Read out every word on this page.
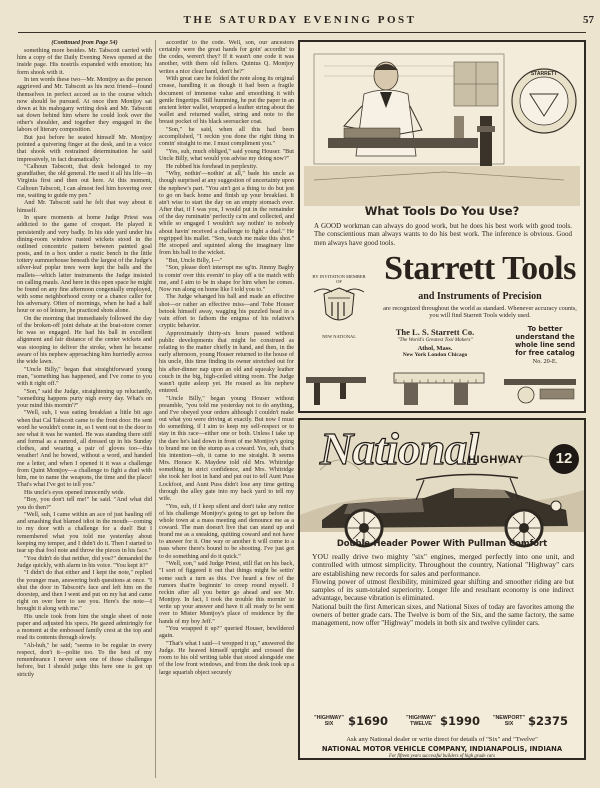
THE SATURDAY EVENING POST	57

(Continued from Page 54)

something more besides. Mr. Tabscott carried with him a copy of the Daily Evening News opened at the inside page. His nostrils expanded with emotion; his form shook with it.

In ten words these two—Mr. Montjoy as the person aggrieved and Mr. Tabscott as his next friend—found themselves in perfect accord as to the course which now should be pursued. At once then Montjoy sat down at his mahogany writing desk and Mr. Tabscott sat down behind him where he could look over the other's shoulder, and together they engaged in the labors of literary composition.

But just before he seated himself Mr. Montjoy pointed a quivering finger at the desk, and in a voice that shook with restrained determination he said impressively, in fact dramatically:

"Calhoun Tabscott, that desk belonged to my grandfather, the old general. He used it all his life—in Virginia first and then out here. At this moment, Calhoun Tabscott, I can almost feel him hovering over me, waiting to guide my pen."

And Mr. Tabscott said he felt that way about it himself.

In spare moments at home Judge Priest was addicted to the game of croquet. He played it persistently and very badly. In his side yard under his dining-room window rusted wickets stood in the outlined concentric pattern between painted goal posts, and in a box under a rustic bench in the little tottery summerhouse beneath the largest of the Judge's silver-leaf poplar trees were kept the balls and the mallets—which latter instruments the Judge insisted on calling mauls. And here in this open space he might be found on any fine afternoon congenially employed, with some neighborhood crony or a chance caller for his adversary. Often of mornings, when he had a half hour or so of leisure, he practiced shots alone.

On the morning that immediately followed the day of the broken-off joint debate at the boat-store corner he was so engaged. He had his ball in excellent alignment and fair distance of the center wickets and was stooping to deliver the stroke, when he became aware of his nephew approaching him hurriedly across the wide lawn.

"Uncle Billy," began that straightforward young man, "something has happened, and I've come to you with it right off."

"Son," said the Judge, straightening up reluctantly, "something happens purty nigh every day. What's on your mind this mornin'?"

"Well, suh, I was eating breakfast a little bit ago when that Cal Tabscott came to the front door. He sent word he wouldn't come in, so I went out to the door to see what it was he wanted. He was standing there stiff and formal as a ramrod, all dressed up in his Sunday clothes, and wearing a pair of gloves too—this weather! And he bowed, without a word, and handed me a letter, and when I opened it it was a challenge from Quint Montjoy—a challenge to fight a duel with him, me to name the weapons, the time and the place! That's what I've got to tell you."

His uncle's eyes opened innocently wide.

"Boy, you don't tell me!" he said. "And what did you do then?"

"Well, suh, I came within an ace of just hauling off and smashing that blamed idiot in the mouth—coming to my door with a challenge for a duel! But I remembered what you told me yesterday about keeping my temper, and I didn't do it. Then I started to tear up that fool note and throw the pieces in his face."

"You didn't do that neither, did you?" demanded the Judge quickly, with alarm in his voice. "You kept it?"

"I didn't do that either and I kept the note," replied the younger man, answering both questions at once. "I shut the door in Tabscott's face and left him on the doorstep, and then I went and put on my hat and came right on over here to see you. Here's the note—I brought it along with me."

His uncle took from him the single sheet of note paper and adjusted his specs. He gazed admiringly for a moment at the embossed family crest at the top and read its contents through slowly.

"Ah-huh," he said; "seems to be regular in every respect, don't it—polite too. To the best of my remembrance I never seen one of those challenges before, but I should judge this here one is got up strictly

accordin' to the code. Well, son, our ancestors certainly were the great hands for goin' accordin' to the codes, weren't they? If it wasn't one code it was another, with them old fellers. Quintus Q. Montjoy writes a nice clear hand, don't he?"

With great care he folded the note along its original crease, handling it as though it had been a fragile document of immense value and smoothing it with gentle fingertips. Still humming, he put the paper in an ancient letter wallet, wrapped a leather string about the wallet and returned wallet, string and note to the breast pocket of his black seersucker coat.

"Son," he said, when all this had been accomplished, "I reckin you done the right thing in comin' straight to me. I must compliment you."

"Yes, suh, much obliged," said young Houser. "But Uncle Billy, what would you advise my doing now?"

He rubbed his forehead in perplexity.

"Why, nothin'—nothin' at all," bade his uncle as though surprised at any suggestion of uncertainty upon the nephew's part. "You ain't got a thing to do but jest to go on back home and finish up your breakfast. It ain't wise to start the day on an empty stomach ever. After that, if I was you, I would put in the remainder of the day ruminatin' perfectly ca'm and collected, and while so engaged I wouldn't say nothin' to nobody about havin' received a challenge to fight a duel." He regripped his mallet. "Son, watch me make this shot." He stooped and squinted along the imaginary line from his ball to the wicket.

"But, Uncle Billy, I—"

"Son, please don't interrupt me sg'in. Jimmy Bagby is comin' over this evenin' to play off a tie match with me, and I aim to be in shape for him when he comes. Now run along on home like I told you to."

The Judge whanged his ball and made an effective shot—or rather an effective miss—and Tobe Houser betook himself away, wagging his puzzled head in a vain effort to fathom the enigma of his relative's cryptic behavior.

Approximately thirty-six hours passed without public developments that might be construed as relating to the matter chiefly in hand, and then, in the early afternoon, young Houser returned to the house of his uncle, this time finding its owner stretched out for his after-dinner nap upon an old and squeaky leather couch in the big, high-ceiled sitting room. The Judge wasn't quite asleep yet. He roused as his nephew entered.

"Uncle Billy," began young Houser without preamble, "you told me yesterday not to do anything, and I've obeyed your orders although I couldn't make out what you were driving at exactly. But now I must do something, if I aim to keep my self-respect or to stay in this race—either one or both. Unless I take up the dare he's laid down in front of me Montjoy's going to brand me on the stump as a coward. Yes, suh, that's his intention—oh, it came to me straight. It seems Mrs. Horace K. Maydew told old Mrs. Whitridge something in strict confidence, and Mrs. Whitridge she took her foot in hand and put out to tell Aunt Puss Lockfoot, and Aunt Puss didn't lose any time getting through the alley gate into my back yard to tell my wife.

"Yes, suh, if I keep silent and don't take any notice of his challenge Montjoy's going to get up before the whole town at a mass meeting and denounce me as a coward. The man doesn't live that can stand up and brand me as a sneaking, quitting coward and not have to answer for it. One way or another it will come to a pass where there's bound to be shooting. I've just got to do something and do it quick."

"Well, son," said Judge Priest, still flat on his back, "I sort of figgered it out that things might be settin' some such a turn as this. I've heard a few of the rumors that're beginnin' to creep round myself. I reckin after all you better go ahead and see Mr. Montjoy. In fact, I took the trouble this mornin' to write up your answer and have it all ready to be sent over to Mister Montjoy's place of residence by the hands of my boy Jeff."

"You wrapped it up?" queried Houser, bewildered again.

"That's what I said—I wropped it up," answered the Judge. He heaved himself upright and crossed the room to his old writing table that stood alongside one of the low front windows, and from the desk took up a large squarish object securely

STARRETT
What Tools Do You Use?
A GOOD workman can always do good work, but he does his best work with good tools. The conscientious man always wants to do his best work. The inference is obvious. Good men always have good tools.
Starrett Tools
and Instruments of Precision
are recognized throughout the world as standard. Whenever accuracy counts, you will find Starrett Tools widely used.
BY INVITATION MEMBER OF
NEW NATIONAL	The L. S. Starrett Co.
"The World's Greatest Tool Makers"
Athol, Mass.
New York London Chicago
To better understand the whole line send for free catalog
No. 20-E.
National
HIGHWAY	12
Double-Header Power With Pullman Comfort

YOU really drive two mighty "six" engines, merged perfectly into one unit, and controlled with utmost simplicity. Throughout the country, National "Highway" cars are establishing new records for sales and performance.

Flowing power of utmost flexibility, minimized gear shifting and smoother riding are but samples of its sum-totaled superiority. Longer life and resultant economy is one indirect advantage, because vibration is eliminated.

National built the first American sixes, and National Sixes of today are favorites among the owners of better grade cars. The Twelve is born of the Six, and the same factory, the same management, now offer "Highway" models in both six and twelve cylinder cars.

"HIGHWAY"
SIX	$1690	"HIGHWAY"
TWELVE $1990 "NEWPORT"
SIX	$2375
Ask any National dealer or write direct for details of "Six" and "Twelve"
NATIONAL MOTOR VEHICLE COMPANY, INDIANAPOLIS, INDIANA
For fifteen years successful builders of high grade cars
